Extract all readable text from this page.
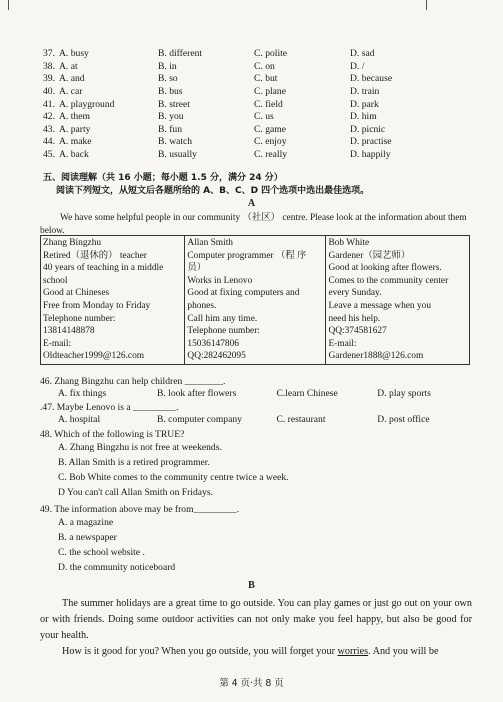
37. A. busy	B. different	C. polite	D. sad
38. A. at	B. in	C. on	D. /
39. A. and	B. so	C. but	D. because
40. A. car	B. bus	C. plane	D. train
41. A. playground	B. street	C. field	D. park
42. A. them	B. you	C. us	D. him
43. A. party	B. fun	C. game	D. picnic
44. A. make	B. watch	C. enjoy	D. practise
45. A. back	B. usually	C. really	D. happily
五、阅读理解（共 16 小题；每小题 1.5 分，满分 24 分）
阅读下列短文，从短文后各题所给的 A、B、C、D 四个选项中选出最佳选项。
A

We have some helpful people in our community （社区） centre. Please look at the information about them below.

Zhang Bingzhu
Retired（退休的） teacher
40 years of teaching in a middle
school
Good at Chineses
Free from Monday to Friday
Telephone number:
13814148878
E-mail:
Oldteacher1999@126.com

Allan Smith
Computer programmer （程 序
员）
Works in Lenovo
Good at fixing computers and
phones.
Call him any time.
Telephone number:
15036147806
QQ:282462095

Bob White
Gardener（园艺师）
Good at looking after flowers.
Comes to the community center
every Sunday.
Leave a message when you
need his help.
QQ:374581627
E-mail:
Gardener1888@126.com
46. Zhang Bingzhu can help children ________.
A. fix things	B. look after flowers	C.learn Chinese	D. play sports
.47. Maybe Lenovo is a _________.
A. hospital	B. computer company	C. restaurant	D. post office
48. Which of the following is TRUE?
A. Zhang Bingzhu is not free at weekends.
B. Allan Smith is a retired programmer.
C. Bob White comes to the community centre twice a week.
D You can't call Allan Smith on Fridays.
49. The information above may be from_________.
A. a magazine
B. a newspaper
C. the school website .
D. the community noticeboard
B

The summer holidays are a great time to go outside. You can play games or just go out on your own or with friends. Doing some outdoor activities can not only make you feel happy, but also be good for your health.

How is it good for you? When you go outside, you will forget your worries. And you will be

第 4 页·共 8 页
